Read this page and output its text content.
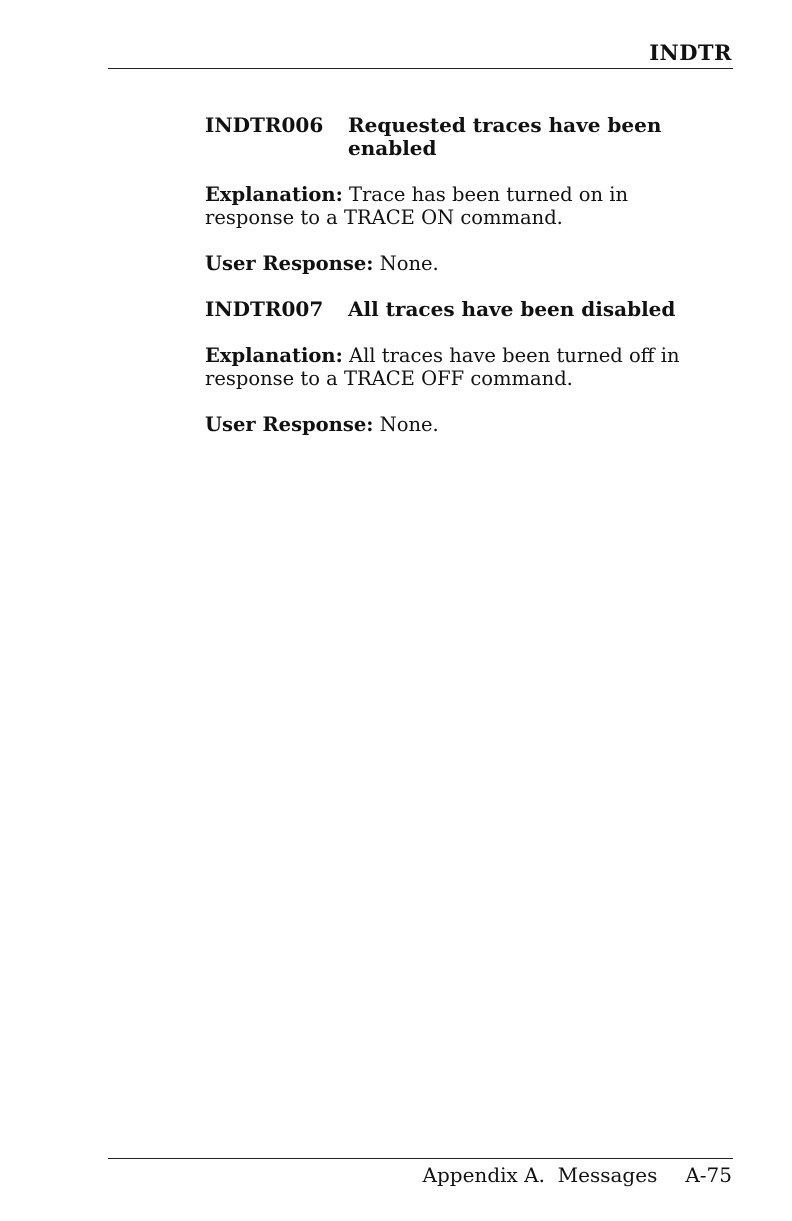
INDTR
INDTR006	Requested traces have been
enabled
Explanation: Trace has been turned on in
response to a TRACE ON command.
User Response: None.
INDTR007	All traces have been disabled
Explanation: All traces have been turned off in
response to a TRACE OFF command.
User Response: None.
Appendix A.  Messages A-75
